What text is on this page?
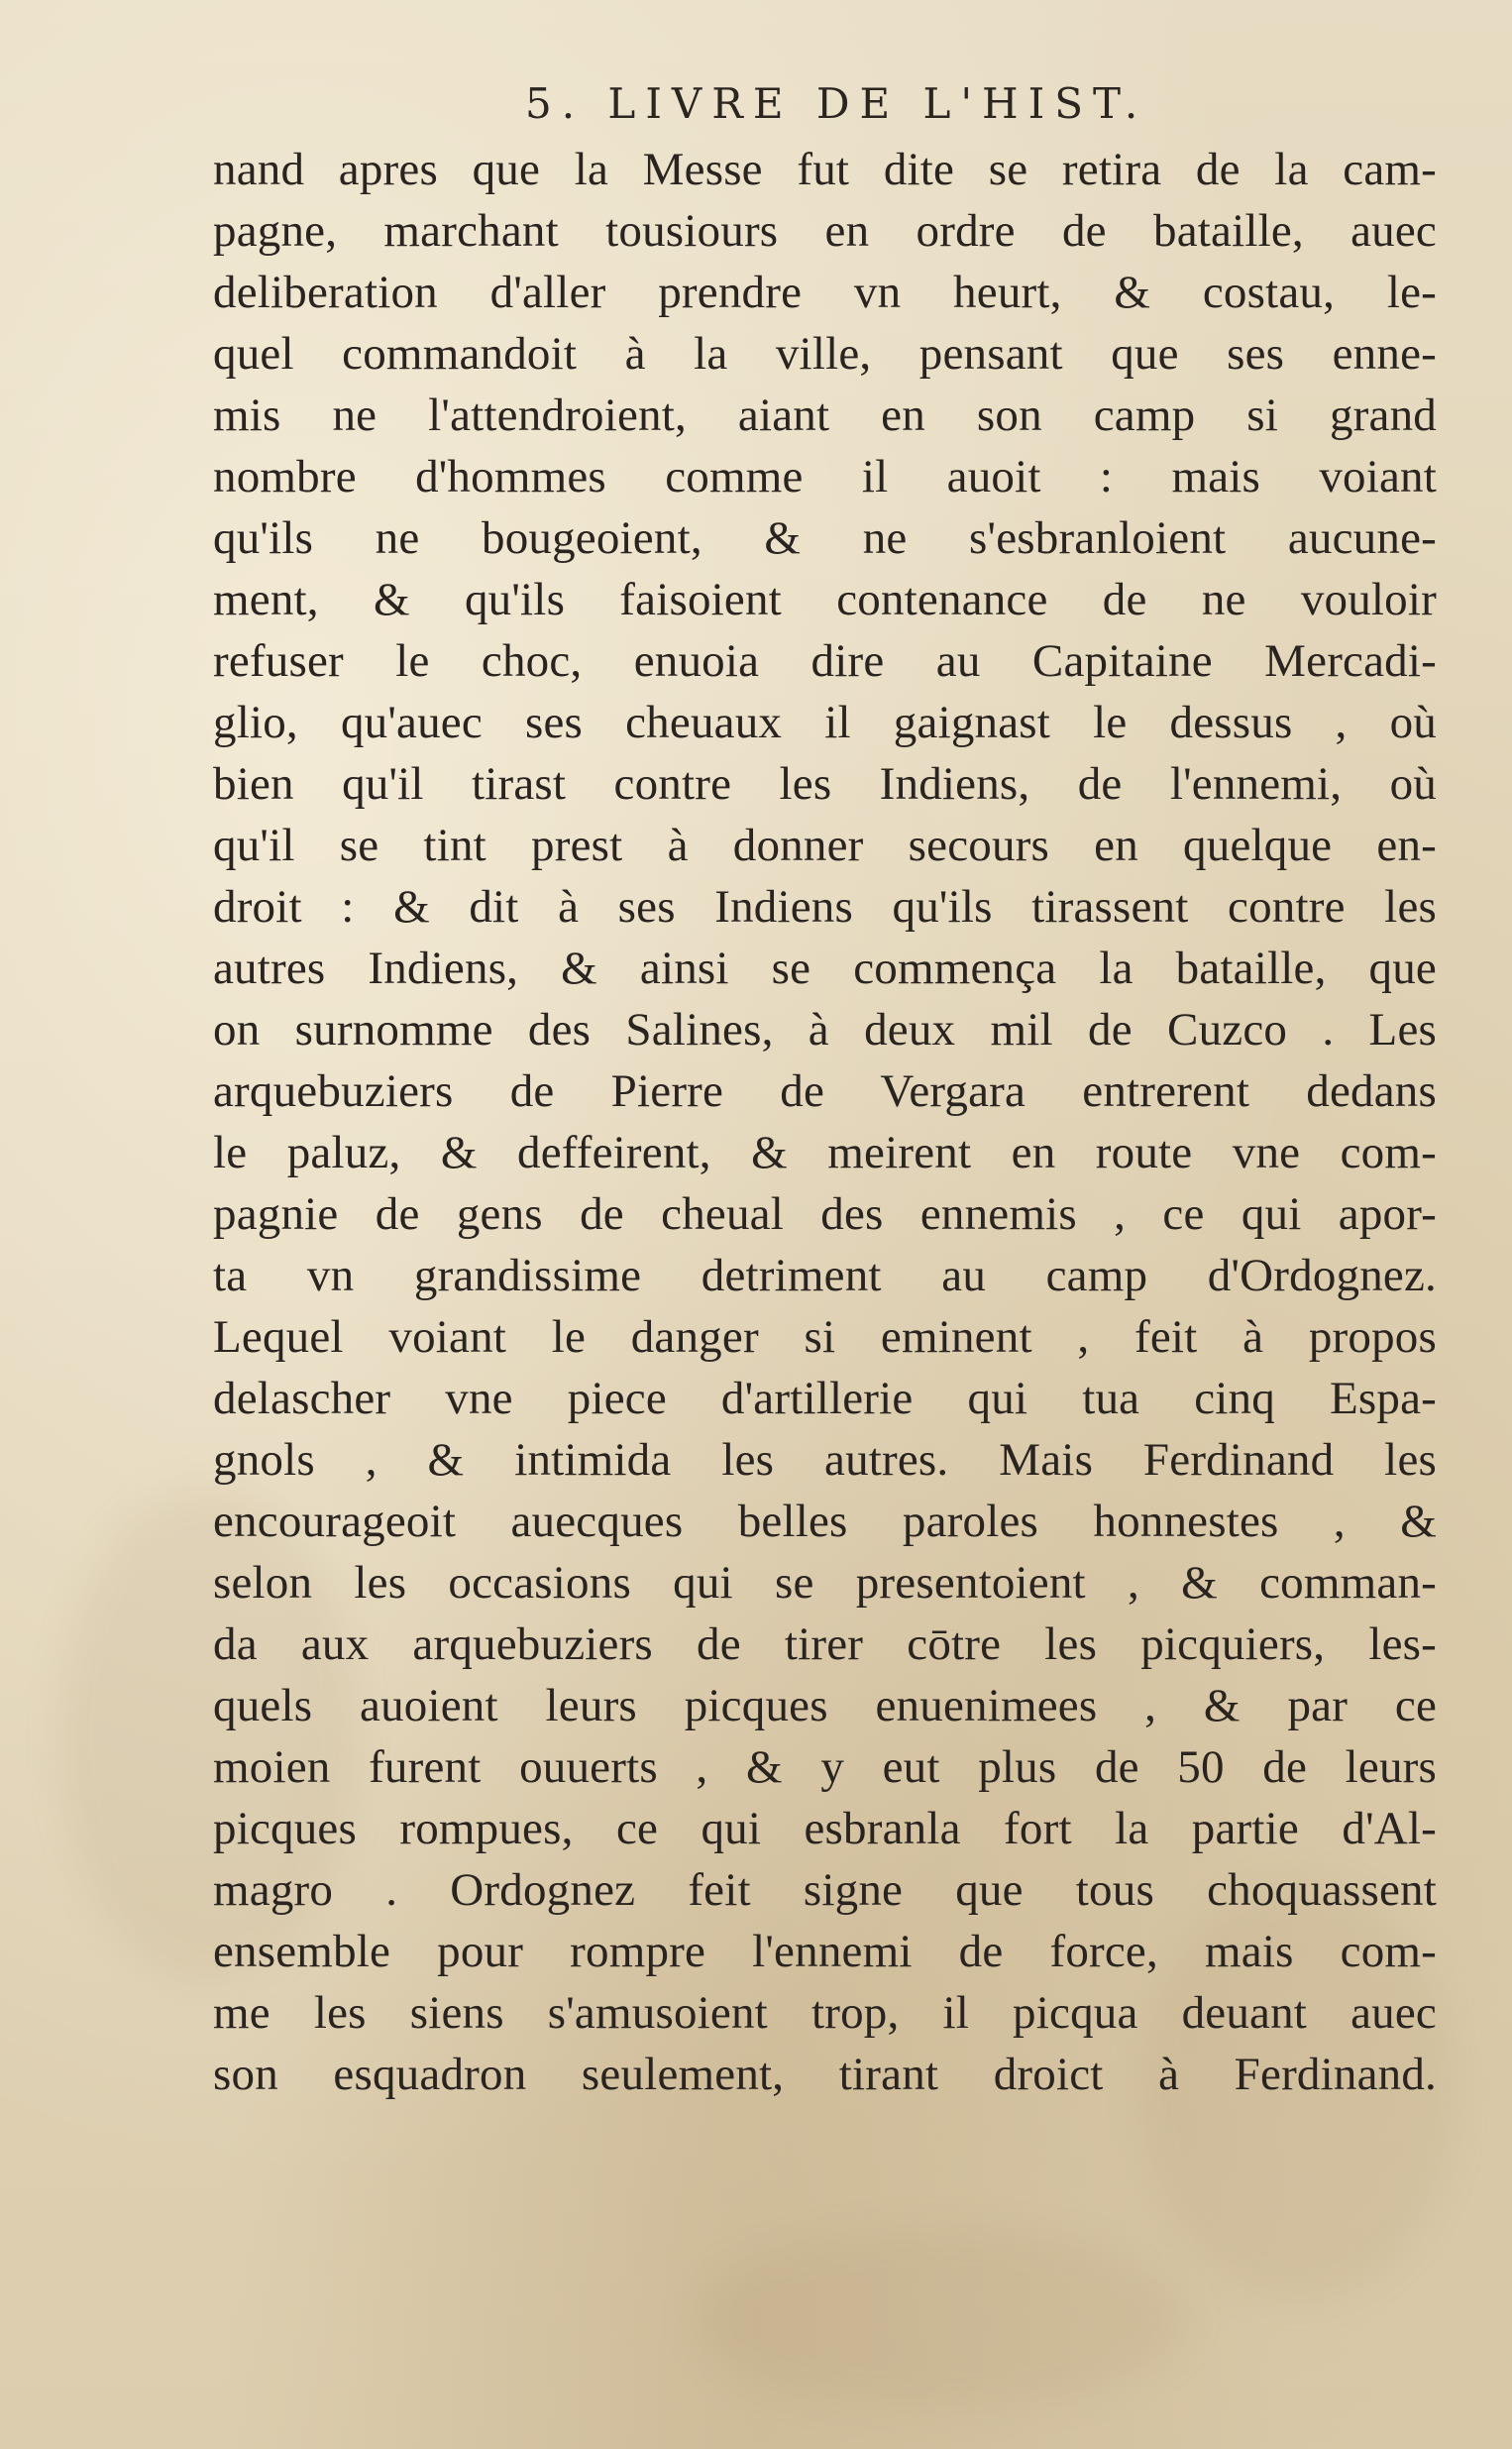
5. LIVRE DE L'HIST.
nand apres que la Messe fut dite se retira de la cam-
pagne, marchant tousiours en ordre de bataille, auec
deliberation d'aller prendre vn heurt, & costau, le-
quel commandoit à la ville, pensant que ses enne-
mis ne l'attendroient, aiant en son camp si grand
nombre d'hommes comme il auoit : mais voiant
qu'ils ne bougeoient, & ne s'esbranloient aucune-
ment, & qu'ils faisoient contenance de ne vouloir
refuser le choc, enuoia dire au Capitaine Mercadi-
glio, qu'auec ses cheuaux il gaignast le dessus , où
bien qu'il tirast contre les Indiens, de l'ennemi, où
qu'il se tint prest à donner secours en quelque en-
droit : & dit à ses Indiens qu'ils tirassent contre les
autres Indiens, & ainsi se commença la bataille, que
on surnomme des Salines, à deux mil de Cuzco . Les
arquebuziers de Pierre de Vergara entrerent dedans
le paluz, & deffeirent, & meirent en route vne com-
pagnie de gens de cheual des ennemis , ce qui apor-
ta vn grandissime detriment au camp d'Ordognez.
Lequel voiant le danger si eminent , feit à propos
delascher vne piece d'artillerie qui tua cinq Espa-
gnols , & intimida les autres. Mais Ferdinand les
encourageoit auecques belles paroles honnestes , &
selon les occasions qui se presentoient , & comman-
da aux arquebuziers de tirer cōtre les picquiers, les-
quels auoient leurs picques enuenimees , & par ce
moien furent ouuerts , & y eut plus de 50 de leurs
picques rompues, ce qui esbranla fort la partie d'Al-
magro . Ordognez feit signe que tous choquassent
ensemble pour rompre l'ennemi de force, mais com-
me les siens s'amusoient trop, il picqua deuant auec
son esquadron seulement, tirant droict à Ferdinand.
